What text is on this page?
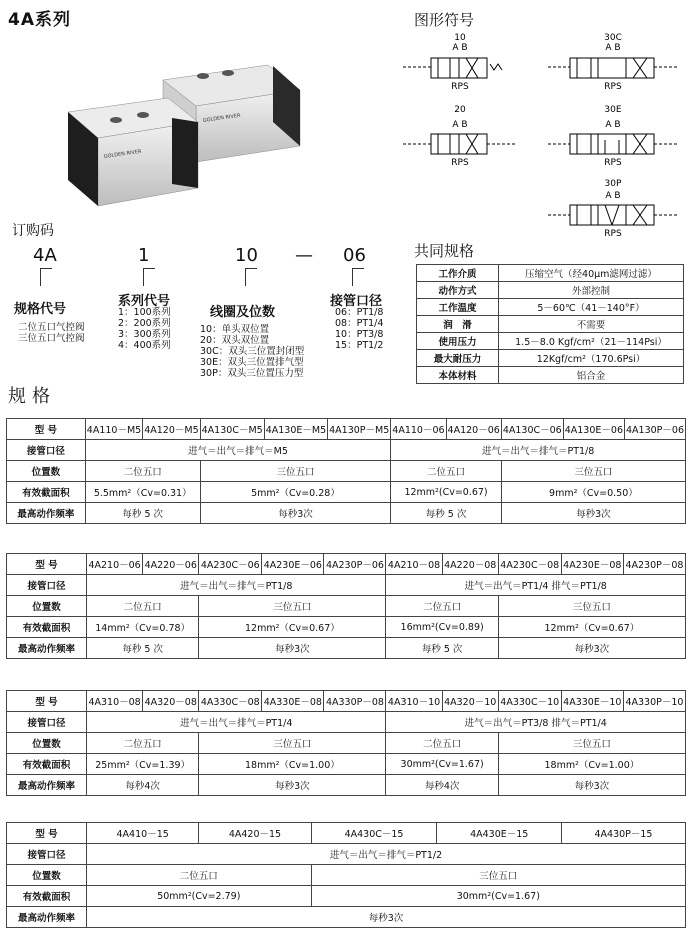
4A系列
GOLDEN RIVER
GOLDEN RIVER
图形符号
10
A B
RPS
30C
A B
RPS
20
A B
RPS
30E
A B
RPS
30P
A B
RPS
订购码
4A	1	10 — 06
规格代号
二位五口气控阀
三位五口气控阀
系列代号
1：100系列
2：200系列
3：300系列
4：400系列
线圈及位数
10：单头双位置
20：双头双位置
30C：双头三位置封闭型
30E：双头三位置排气型
30P：双头三位置压力型
接管口径
06：PT1/8
08：PT1/4
10：PT3/8
15：PT1/2
共同规格
工作介质	压缩空气（经40μm滤网过滤）
动作方式	外部控制
工作温度	5－60℃（41－140°F）
润　滑	不需要
使用压力	1.5－8.0 Kgf/cm²（21－114Psi）
最大耐压力	12Kgf/cm²（170.6Psi）
本体材料	铝合金
规格
型 号	4A110－M5	4A120－M5	4A130C－M5	4A130E－M5	4A130P－M5	4A110－06	4A120－06	4A130C－06	4A130E－06	4A130P－06
接管口径	进气＝出气＝排气＝M5					进气＝出气＝排气＝PT1/8				
位置数	二位五口		三位五口			二位五口		三位五口		
有效截面积	5.5mm²（Cv=0.31）		5mm²（Cv=0.28）			12mm²(Cv=0.67)		9mm²（Cv=0.50）		
最高动作频率	每秒 5 次		每秒3次			每秒 5 次		每秒3次		
型 号	4A210－06	4A220－06	4A230C－06	4A230E－06	4A230P－06	4A210－08	4A220－08	4A230C－08	4A230E－08	4A230P－08
接管口径	进气＝出气＝排气＝PT1/8					进气＝出气＝PT1/4 排气＝PT1/8				
位置数	二位五口		三位五口			二位五口		三位五口		
有效截面积	14mm²（Cv=0.78）		12mm²（Cv=0.67）			16mm²(Cv=0.89)		12mm²（Cv=0.67）		
最高动作频率	每秒 5 次		每秒3次			每秒 5 次		每秒3次		
型 号	4A310－08	4A320－08	4A330C－08	4A330E－08	4A330P－08	4A310－10	4A320－10	4A330C－10	4A330E－10	4A330P－10
接管口径	进气＝出气＝排气＝PT1/4					进气＝出气＝PT3/8 排气＝PT1/4				
位置数	二位五口		三位五口			二位五口		三位五口		
有效截面积	25mm²（Cv=1.39）		18mm²（Cv=1.00）			30mm²(Cv=1.67)		18mm²（Cv=1.00）		
最高动作频率	每秒4次		每秒3次			每秒4次		每秒3次		
型 号	4A410－15	4A420－15	4A430C－15	4A430E－15	4A430P－15
接管口径	进气＝出气＝排气＝PT1/2				
位置数	二位五口		三位五口		
有效截面积	50mm²(Cv=2.79)		30mm²(Cv=1.67)		
最高动作频率	每秒3次				
